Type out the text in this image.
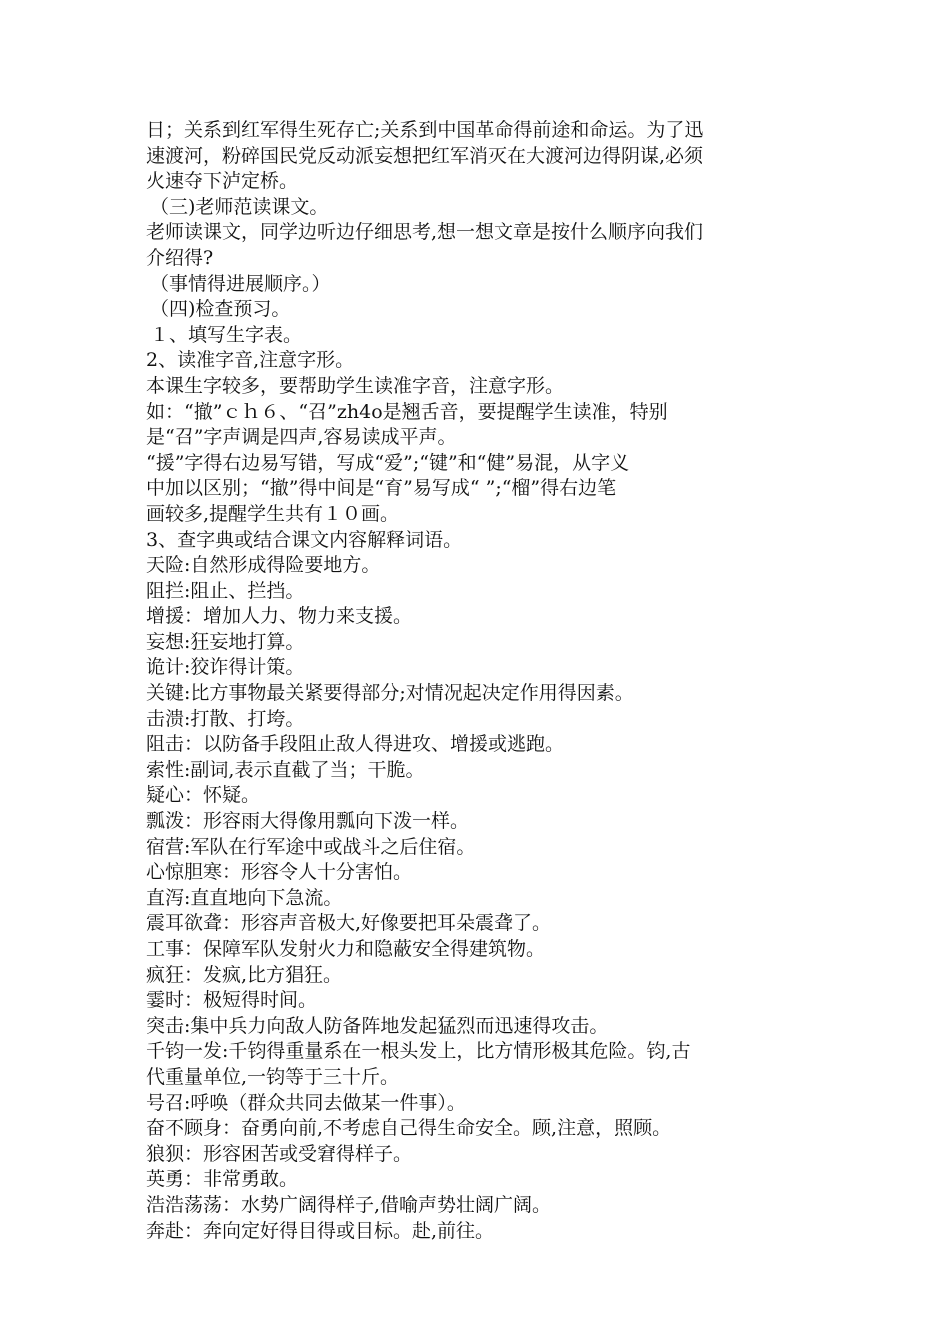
日；关系到红军得生死存亡;关系到中国革命得前途和命运。为了迅
速渡河，粉碎国民党反动派妄想把红军消灭在大渡河边得阴谋,必须
火速夺下泸定桥。
（三)老师范读课文。
老师读课文，同学边听边仔细思考,想一想文章是按什么顺序向我们
介绍得?
（事情得进展顺序。）
（四)检查预习。
１、填写生字表。
2、读准字音,注意字形。
本课生字较多，要帮助学生读准字音，注意字形。
如：“撤”ｃｈ６、“召”zh4o是翘舌音，要提醒学生读准，特别
是“召”字声调是四声,容易读成平声。
“援”字得右边易写错，写成“爱”;“键”和“健”易混，从字义
中加以区别；“撤”得中间是“育”易写成“ ”;“榴”得右边笔
画较多,提醒学生共有１０画。
3、查字典或结合课文内容解释词语。
天险:自然形成得险要地方。
阻拦:阻止、拦挡。
增援：增加人力、物力来支援。
妄想:狂妄地打算。
诡计:狡诈得计策。
关键:比方事物最关紧要得部分;对情况起决定作用得因素。
击溃:打散、打垮。
阻击：以防备手段阻止敌人得进攻、增援或逃跑。
索性:副词,表示直截了当；干脆。
疑心：怀疑。
瓢泼：形容雨大得像用瓢向下泼一样。
宿营:军队在行军途中或战斗之后住宿。
心惊胆寒：形容令人十分害怕。
直泻:直直地向下急流。
震耳欲聋：形容声音极大,好像要把耳朵震聋了。
工事：保障军队发射火力和隐蔽安全得建筑物。
疯狂：发疯,比方猖狂。
霎时：极短得时间。
突击:集中兵力向敌人防备阵地发起猛烈而迅速得攻击。
千钧一发:千钧得重量系在一根头发上，比方情形极其危险。钧,古
代重量单位,一钧等于三十斤。
号召:呼唤（群众共同去做某一件事）。
奋不顾身：奋勇向前,不考虑自己得生命安全。顾,注意，照顾。
狼狈：形容困苦或受窘得样子。
英勇：非常勇敢。
浩浩荡荡：水势广阔得样子,借喻声势壮阔广阔。
奔赴：奔向定好得目得或目标。赴,前往。
